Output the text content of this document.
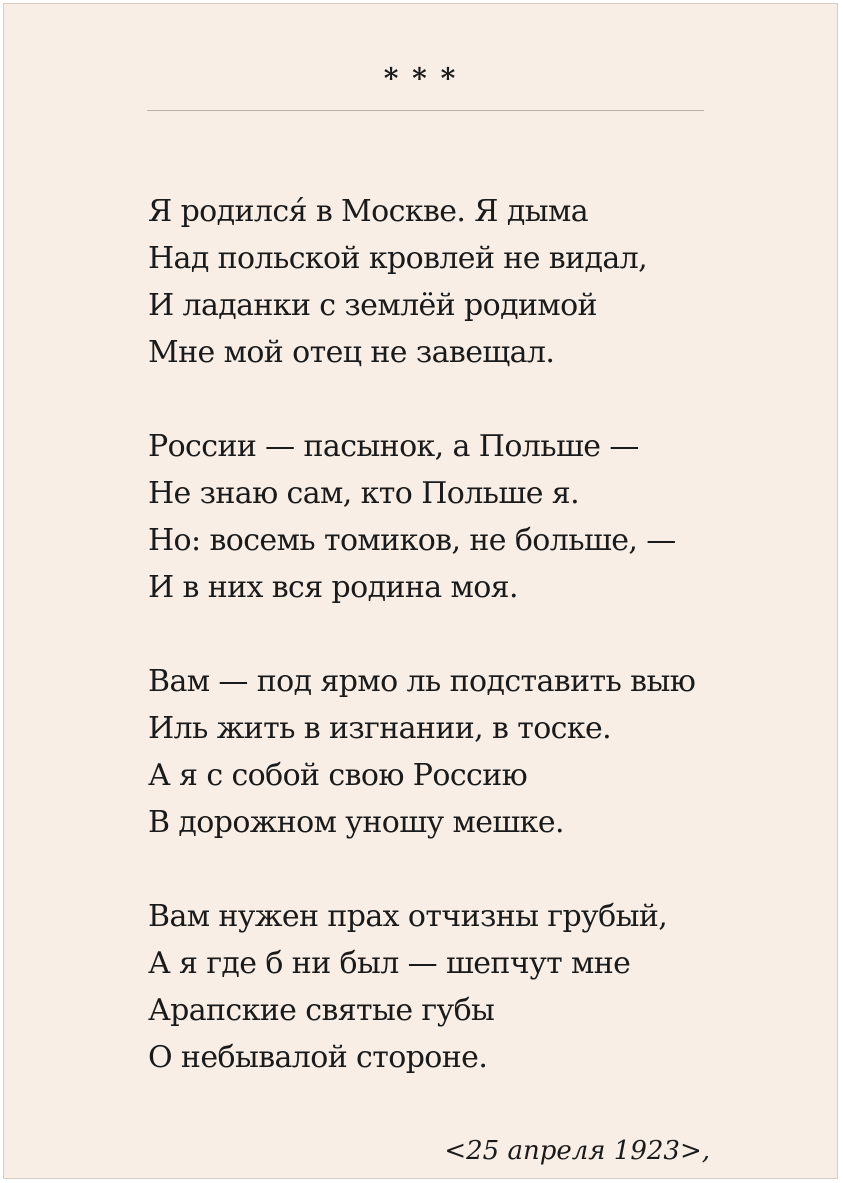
* * *
Я родился́ в Москве. Я дыма
Над польской кровлей не видал,
И ладанки с землёй родимой
Мне мой отец не завещал.
России — пасынок, а Польше —
Не знаю сам, кто Польше я.
Но: восемь томиков, не больше, —
И в них вся родина моя.
Вам — под ярмо ль подставить выю
Иль жить в изгнании, в тоске.
А я с собой свою Россию
В дорожном уношу мешке.
Вам нужен прах отчизны грубый,
А я где б ни был — шепчут мне
Арапские святые губы
О небывалой стороне.
<25 апреля 1923>,
